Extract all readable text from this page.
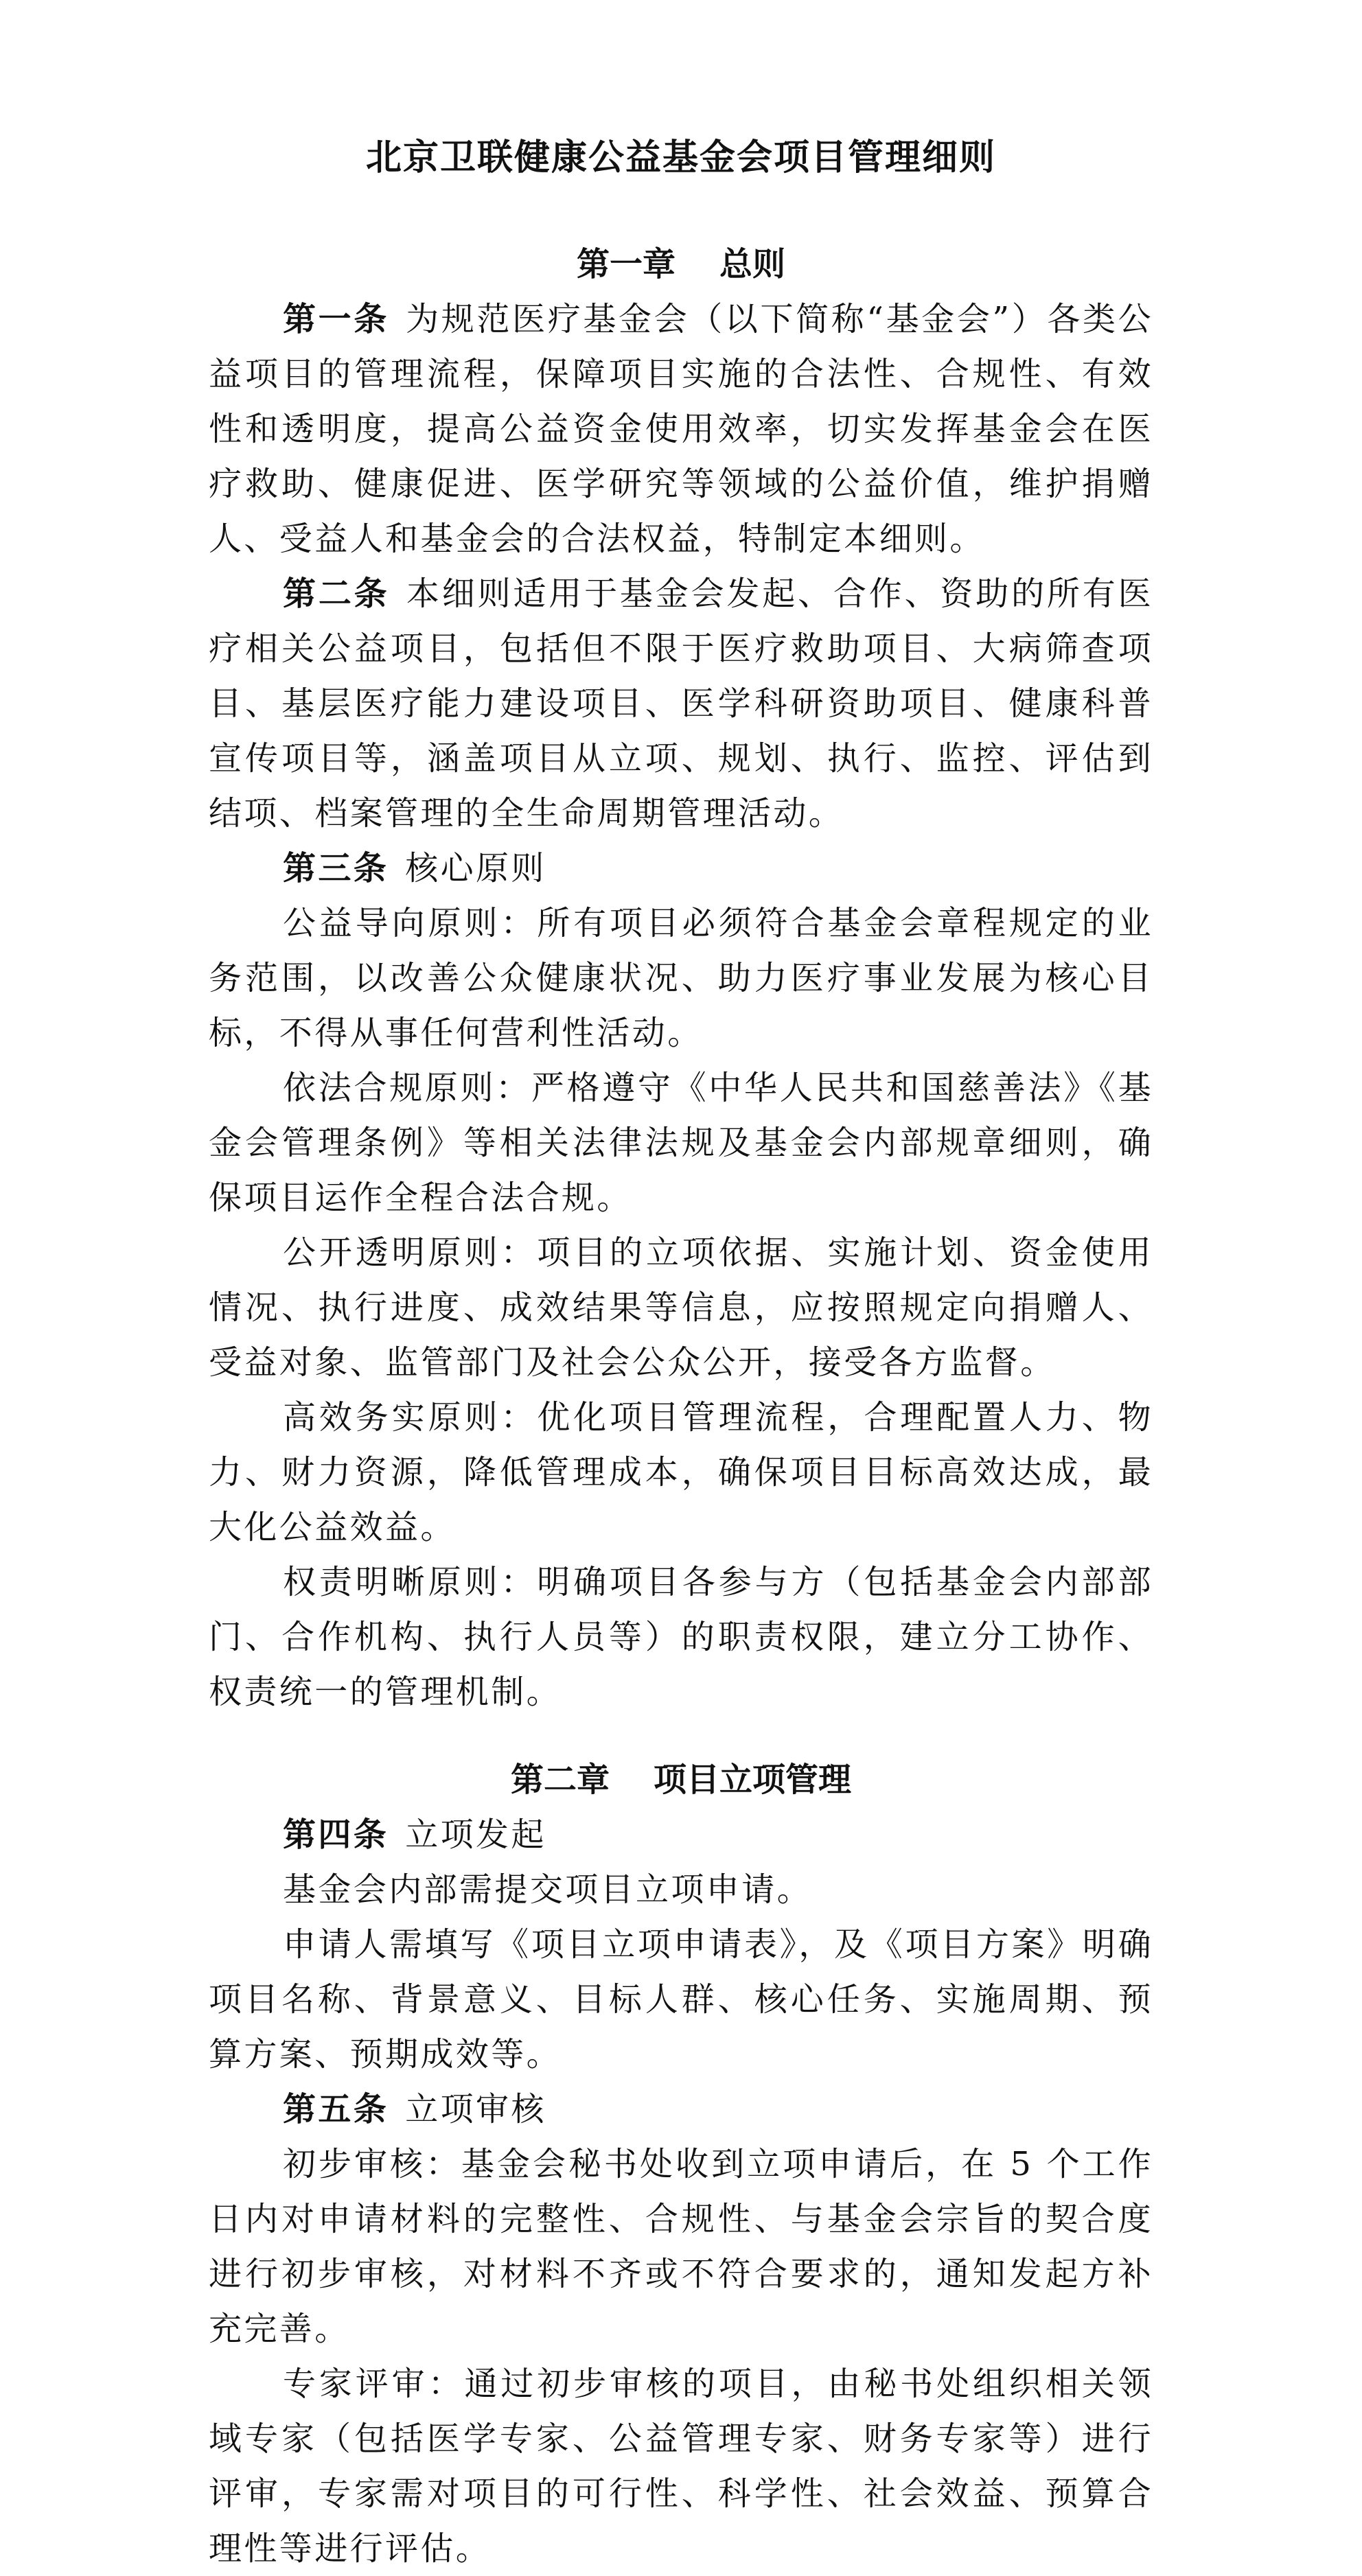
北京卫联健康公益基金会项目管理细则
第一章 总则

第一条 为规范医疗基金会（以下简称“基金会”）各类公益项目的管理流程，保障项目实施的合法性、合规性、有效性和透明度，提高公益资金使用效率，切实发挥基金会在医疗救助、健康促进、医学研究等领域的公益价值，维护捐赠人、受益人和基金会的合法权益，特制定本细则。

第二条 本细则适用于基金会发起、合作、资助的所有医疗相关公益项目，包括但不限于医疗救助项目、大病筛查项目、基层医疗能力建设项目、医学科研资助项目、健康科普宣传项目等，涵盖项目从立项、规划、执行、监控、评估到结项、档案管理的全生命周期管理活动。

第三条 核心原则

公益导向原则：所有项目必须符合基金会章程规定的业务范围，以改善公众健康状况、助力医疗事业发展为核心目标，不得从事任何营利性活动。

依法合规原则：严格遵守《中华人民共和国慈善法》《基金会管理条例》等相关法律法规及基金会内部规章细则，确保项目运作全程合法合规。

公开透明原则：项目的立项依据、实施计划、资金使用情况、执行进度、成效结果等信息，应按照规定向捐赠人、受益对象、监管部门及社会公众公开，接受各方监督。

高效务实原则：优化项目管理流程，合理配置人力、物力、财力资源，降低管理成本，确保项目目标高效达成，最大化公益效益。

权责明晰原则：明确项目各参与方（包括基金会内部部门、合作机构、执行人员等）的职责权限，建立分工协作、权责统一的管理机制。

第二章 项目立项管理

第四条 立项发起

基金会内部需提交项目立项申请。

申请人需填写《项目立项申请表》，及《项目方案》明确项目名称、背景意义、目标人群、核心任务、实施周期、预算方案、预期成效等。

第五条 立项审核

初步审核：基金会秘书处收到立项申请后，在 5 个工作日内对申请材料的完整性、合规性、与基金会宗旨的契合度进行初步审核，对材料不齐或不符合要求的，通知发起方补充完善。

专家评审：通过初步审核的项目，由秘书处组织相关领域专家（包括医学专家、公益管理专家、财务专家等）进行评审，专家需对项目的可行性、科学性、社会效益、预算合理性等进行评估。
